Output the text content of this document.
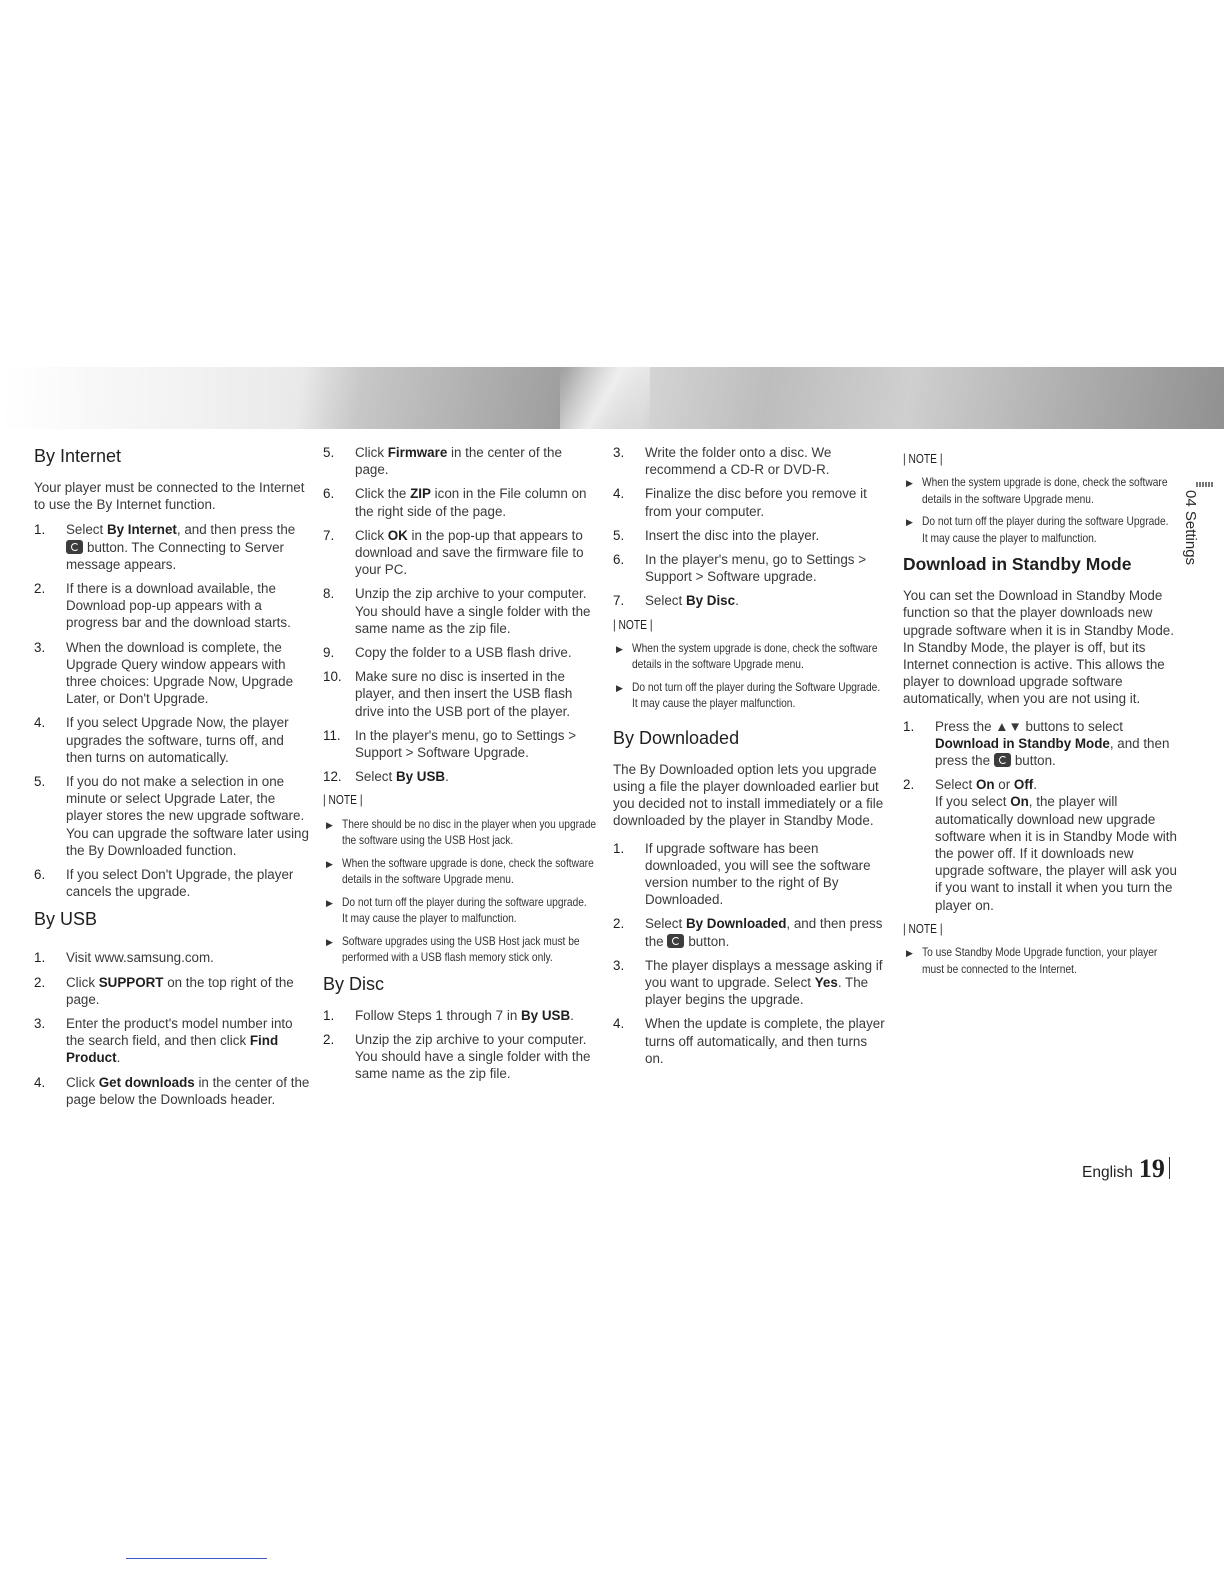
04 Settings
By Internet

Your player must be connected to the Internet to use the By Internet function.

1. Select By Internet, and then press the
button. The Connecting to Server message appears.
2. If there is a download available, the Download pop-up appears with a progress bar and the download starts.
3. When the download is complete, the Upgrade Query window appears with three choices: Upgrade Now, Upgrade Later, or Don't Upgrade.
4. If you select Upgrade Now, the player upgrades the software, turns off, and then turns on automatically.
5. If you do not make a selection in one minute or select Upgrade Later, the player stores the new upgrade software. You can upgrade the software later using the By Downloaded function.
6. If you select Don't Upgrade, the player cancels the upgrade.
By USB
1. Visit www.samsung.com.
2. Click SUPPORT on the top right of the page.
3. Enter the product's model number into the search field, and then click Find Product.
4. Click Get downloads in the center of the page below the Downloads header.
5. Click Firmware in the center of the page.
6. Click the ZIP icon in the File column on the right side of the page.
7. Click OK in the pop-up that appears to download and save the firmware file to your PC.
8. Unzip the zip archive to your computer. You should have a single folder with the same name as the zip file.
9. Copy the folder to a USB flash drive.
10. Make sure no disc is inserted in the player, and then insert the USB flash drive into the USB port of the player.
11. In the player's menu, go to Settings > Support > Software Upgrade.
12. Select By USB.
| NOTE |
▶ There should be no disc in the player when you upgrade the software using the USB Host jack.
▶ When the software upgrade is done, check the software details in the software Upgrade menu.
▶ Do not turn off the player during the software upgrade.
It may cause the player to malfunction.
▶ Software upgrades using the USB Host jack must be performed with a USB flash memory stick only.
By Disc
1. Follow Steps 1 through 7 in By USB.
2. Unzip the zip archive to your computer. You should have a single folder with the same name as the zip file.
3. Write the folder onto a disc. We recommend a CD-R or DVD-R.
4. Finalize the disc before you remove it from your computer.
5. Insert the disc into the player.
6. In the player's menu, go to Settings > Support > Software upgrade.
7. Select By Disc.
| NOTE |
▶ When the system upgrade is done, check the software details in the software Upgrade menu.
▶ Do not turn off the player during the Software Upgrade.
It may cause the player malfunction.
By Downloaded

The By Downloaded option lets you upgrade using a file the player downloaded earlier but you decided not to install immediately or a file downloaded by the player in Standby Mode.

1. If upgrade software has been downloaded, you will see the software version number to the right of By Downloaded.
2. Select By Downloaded, and then press the button.
3. The player displays a message asking if you want to upgrade. Select Yes. The player begins the upgrade.
4. When the update is complete, the player turns off automatically, and then turns on.
| NOTE |
▶ When the system upgrade is done, check the software details in the software Upgrade menu.
▶ Do not turn off the player during the software Upgrade.
It may cause the player to malfunction.
Download in Standby Mode

You can set the Download in Standby Mode function so that the player downloads new upgrade software when it is in Standby Mode. In Standby Mode, the player is off, but its Internet connection is active. This allows the player to download upgrade software automatically, when you are not using it.

1. Press the ▲▼ buttons to select Download in Standby Mode, and then press the button.
2. Select On or Off.
If you select On, the player will automatically download new upgrade software when it is in Standby Mode with the power off. If it downloads new upgrade software, the player will ask you if you want to install it when you turn the player on.
| NOTE |
▶ To use Standby Mode Upgrade function, your player must be connected to the Internet.
English 19
